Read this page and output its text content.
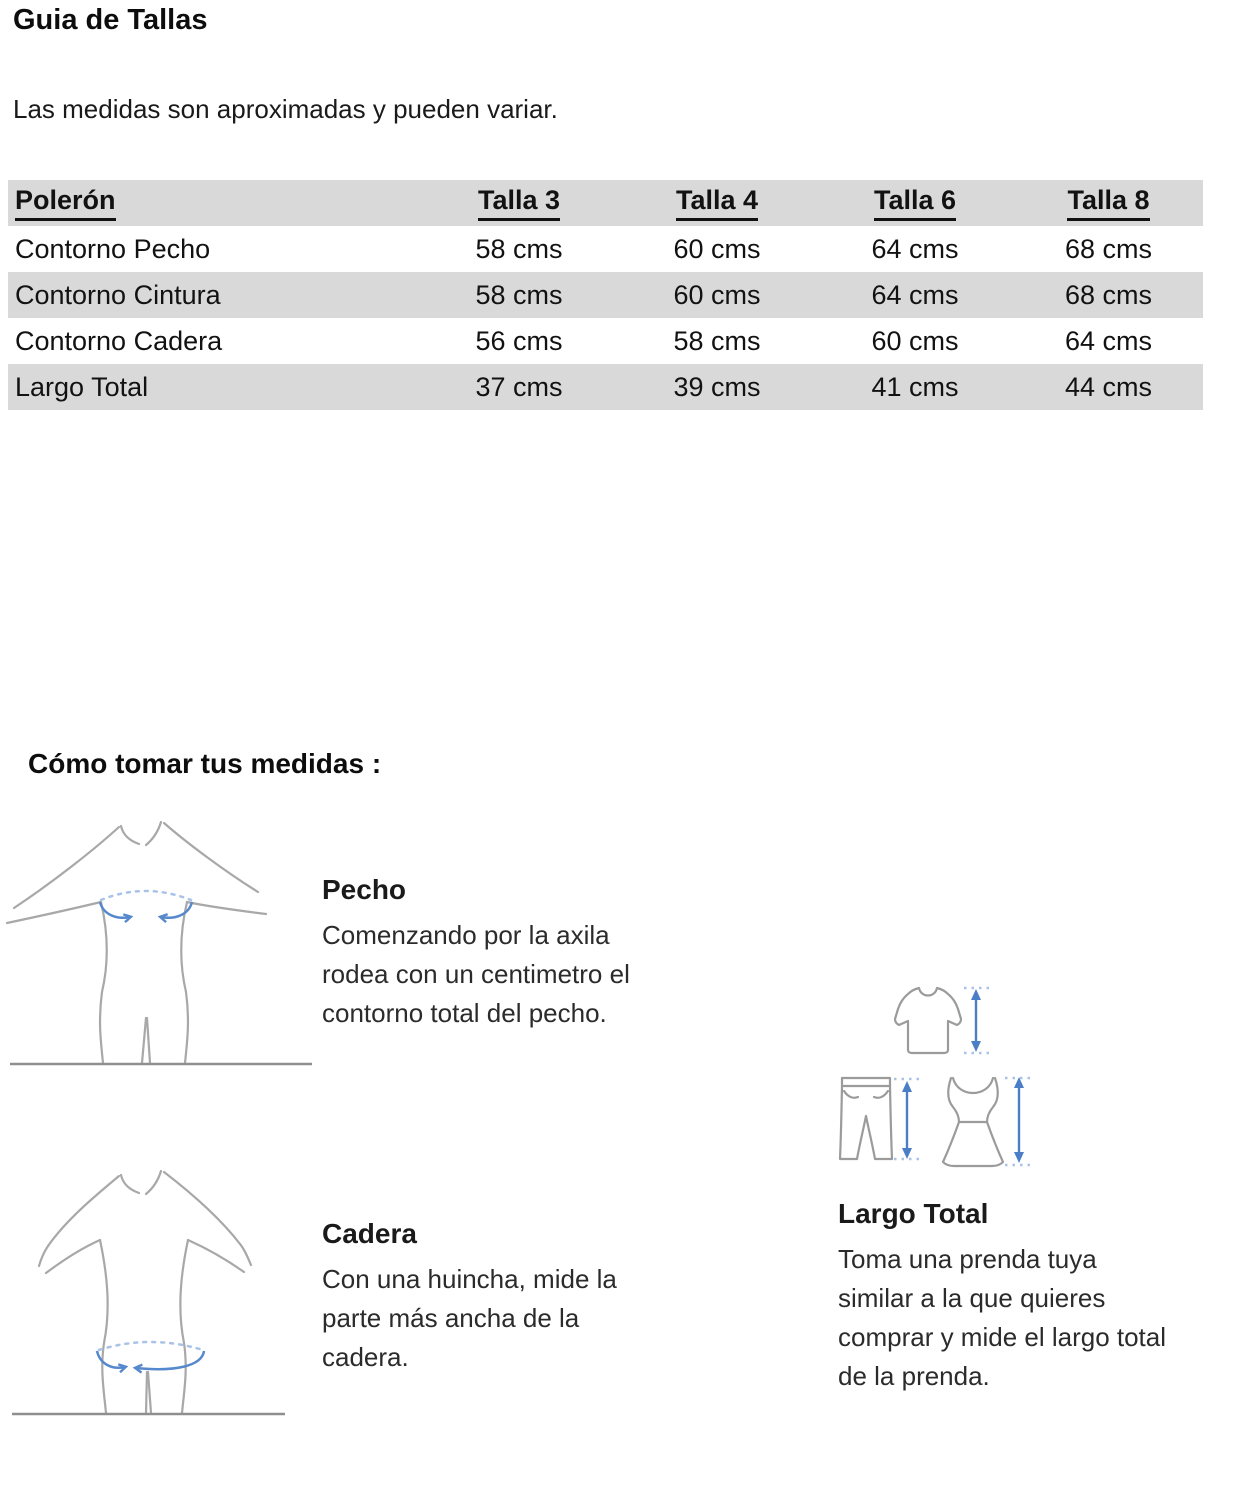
Guia de Tallas

Las medidas son aproximadas y pueden variar.

Polerón	Talla 3	Talla 4	Talla 6	Talla 8
Contorno Pecho	58 cms	60 cms	64 cms	68 cms
Contorno Cintura	58 cms	60 cms	64 cms	68 cms
Contorno Cadera	56 cms	58 cms	60 cms	64 cms
Largo Total	37 cms	39 cms	41 cms	44 cms
Cómo tomar tus medidas :
Pecho

Comenzando por la axila
rodea con un centimetro el
contorno total del pecho.

Largo Total

Toma una prenda tuya
similar a la que quieres
comprar y mide el largo total
de la prenda.

Cadera

Con una huincha, mide la
parte más ancha de la
cadera.
